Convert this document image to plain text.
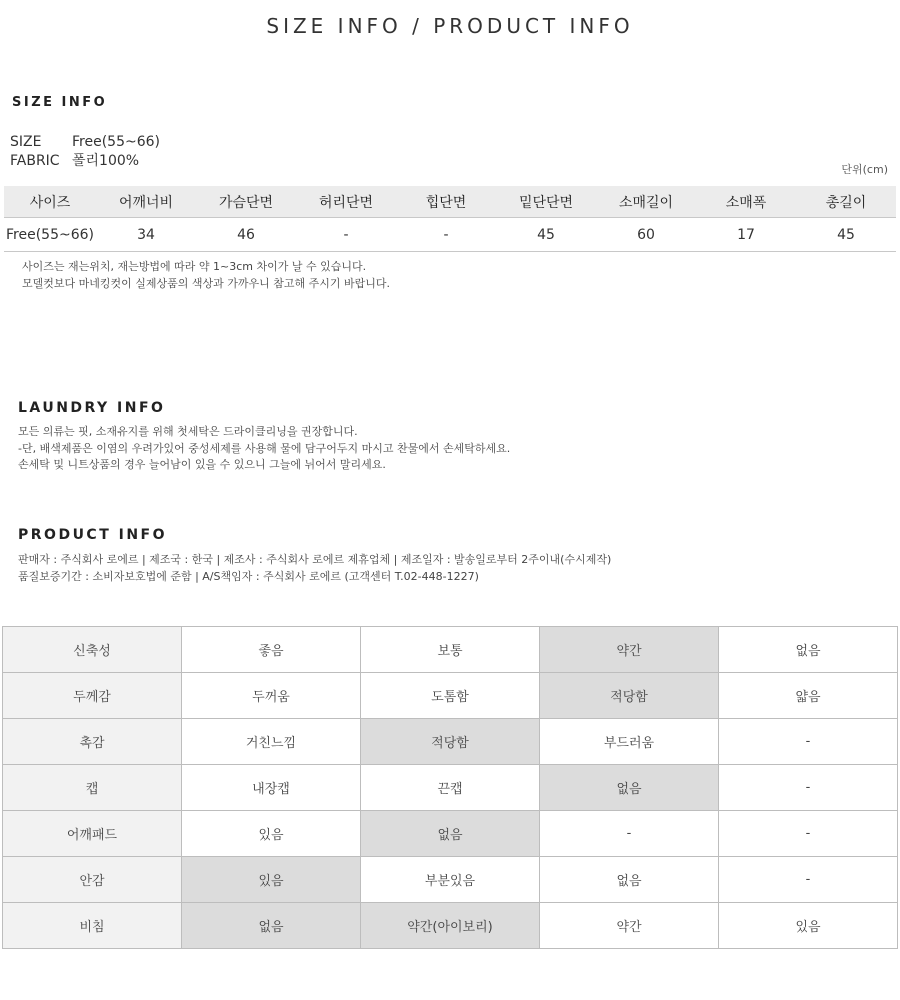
SIZE INFO / PRODUCT INFO
SIZE INFO
SIZE Free(55~66)
FABRIC 폴리100%
단위(cm)
사이즈	어깨너비	가슴단면	허리단면	힙단면	밑단단면	소매길이	소매폭	총길이
Free(55~66)	34	46	-	-	45	60	17	45
사이즈는 재는위치, 재는방법에 따라 약 1~3cm 차이가 날 수 있습니다.
모델컷보다 마네킹컷이 실제상품의 색상과 가까우니 참고해 주시기 바랍니다.
LAUNDRY INFO
모든 의류는 핏, 소재유지를 위해 첫세탁은 드라이클리닝을 권장합니다.
-단, 배색제품은 이염의 우려가있어 중성세제를 사용해 물에 담구어두지 마시고 찬물에서 손세탁하세요.
손세탁 및 니트상품의 경우 늘어남이 있을 수 있으니 그늘에 뉘어서 말리세요.
PRODUCT INFO
판매자 : 주식회사 로에르 | 제조국 : 한국 | 제조사 : 주식회사 로에르 제휴업체 | 제조일자 : 발송일로부터 2주이내(수시제작)
품질보증기간 : 소비자보호법에 준함 | A/S책임자 : 주식회사 로에르 (고객센터 T.02-448-1227)
신축성	좋음	보통	약간	없음
두께감	두꺼움	도톰함	적당함	얇음
촉감	거친느낌	적당함	부드러움	-
캡	내장캡	끈캡	없음	-
어깨패드	있음	없음	-	-
안감	있음	부분있음	없음	-
비침	없음	약간(아이보리)	약간	있음
